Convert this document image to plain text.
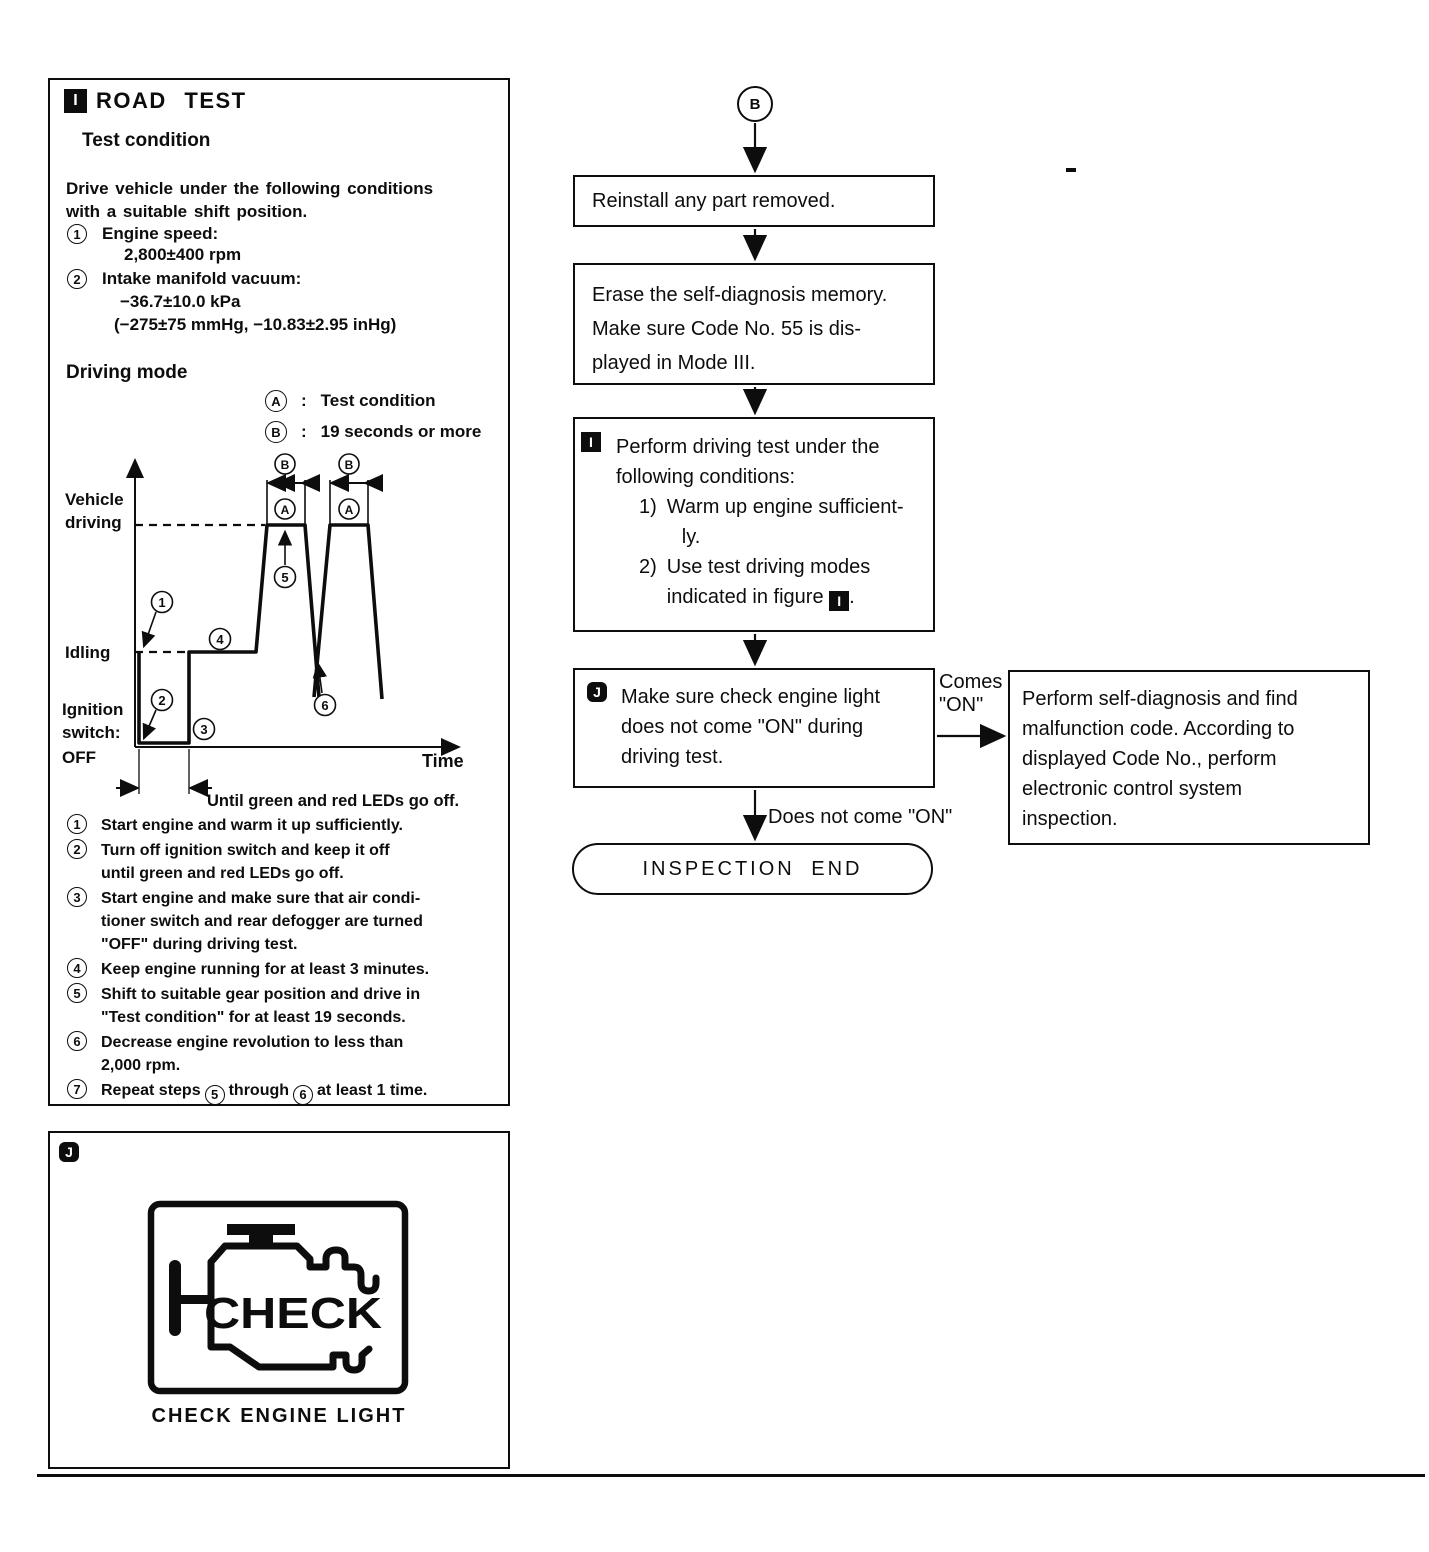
I ROAD TEST
Test condition
Drive vehicle under the following conditions
with a suitable shift position.
1	Engine speed:
2,800±400 rpm
2	Intake manifold vacuum:
−36.7±10.0 kPa
(−275±75 mmHg, −10.83±2.95 inHg)
Driving mode
A	: Test condition
B	: 19 seconds or more
B
A
B
A
1
2
3
4
5
6
Vehicle
driving
Idling
Ignition
switch:
OFF	Time
Until green and red LEDs go off.
1	Start engine and warm it up sufficiently.
2	Turn off ignition switch and keep it off
until green and red LEDs go off.
3	Start engine and make sure that air condi-
tioner switch and rear defogger are turned
"OFF" during driving test.
4	Keep engine running for at least 3 minutes.
5	Shift to suitable gear position and drive in
"Test condition" for at least 19 seconds.
6	Decrease engine revolution to less than
2,000 rpm.
7	Repeat steps 5 through 6 at least 1 time.
J
CHECK
CHECK ENGINE LIGHT
B
Reinstall any part removed.
Erase the self-diagnosis memory.
Make sure Code No. 55 is dis-
played in Mode III.
I	Perform driving test under the
following conditions:
1) Warm up engine sufficient-
ly.
2) Use test driving modes
indicated in figure I .
J	Make sure check engine light
does not come "ON" during
driving test.
Comes
"ON"
Does not come "ON"
Perform self-diagnosis and find
malfunction code. According to
displayed Code No., perform
electronic control system
inspection.
INSPECTION END
